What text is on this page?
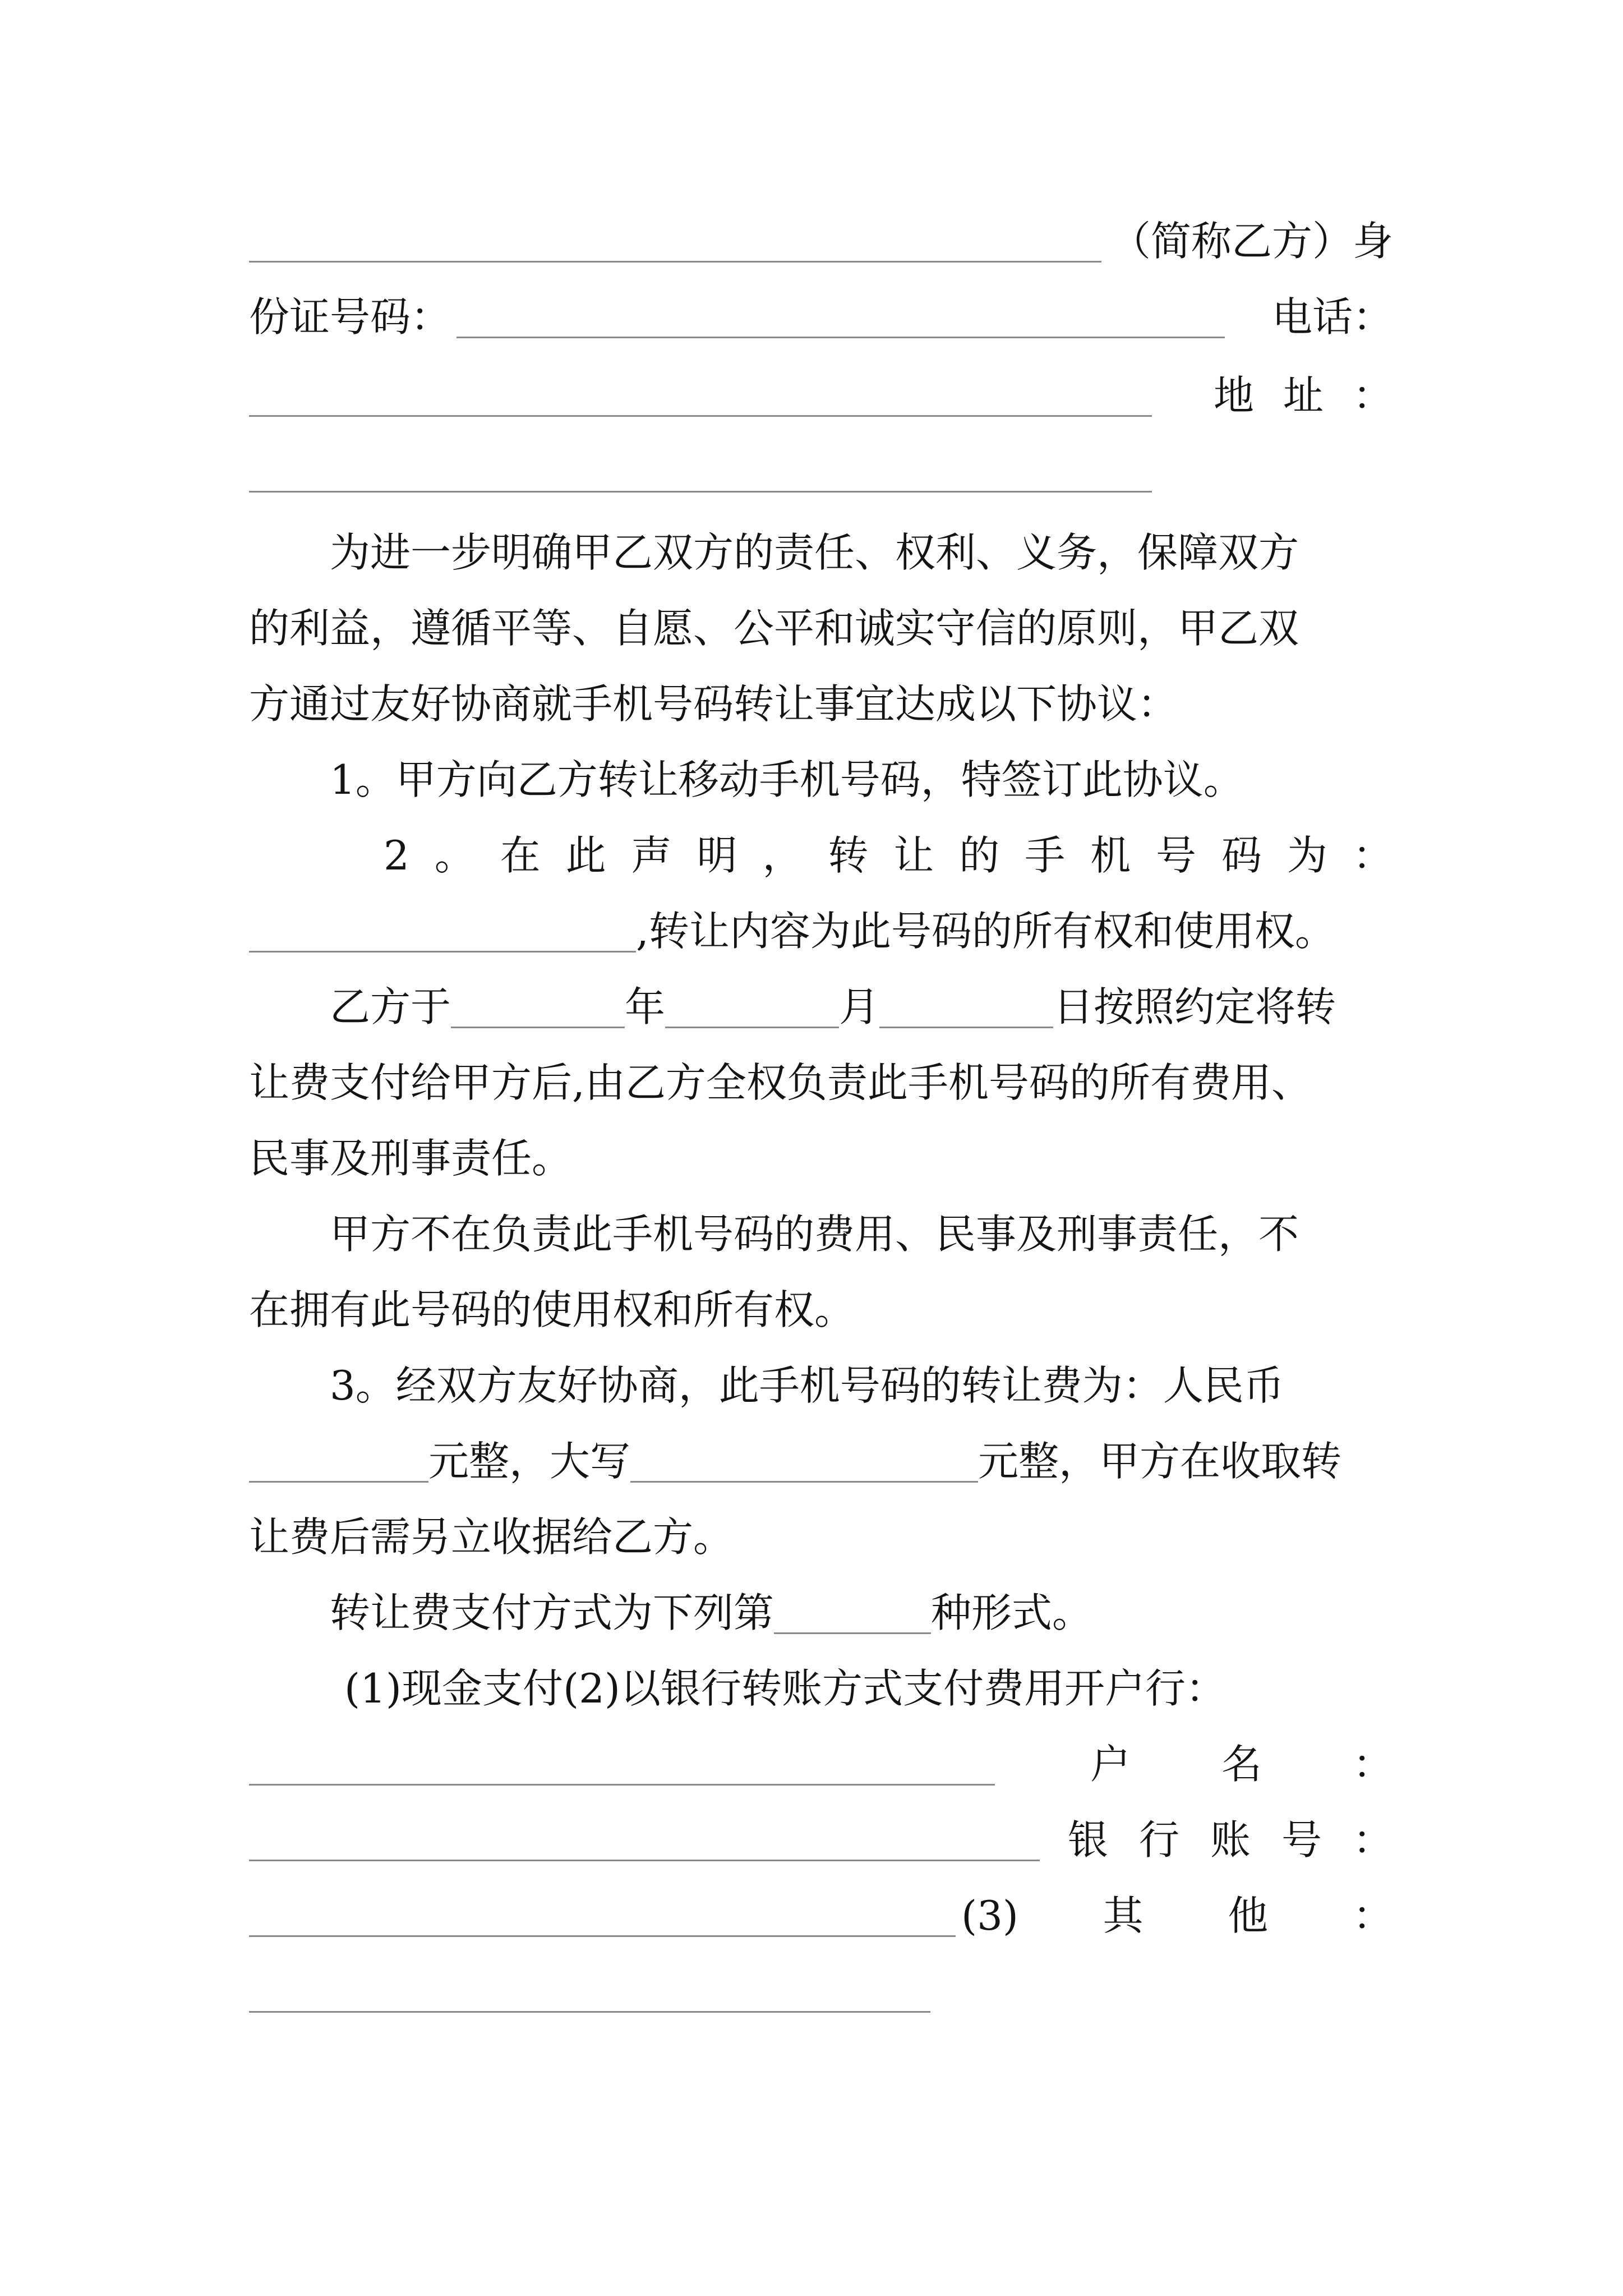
（简称乙方）身
份证号码：	电话：
地 址 ：
为进一步明确甲乙双方的责任、权利、义务，保障双方
的利益，遵循平等、自愿、公平和诚实守信的原则，甲乙双
方通过友好协商就手机号码转让事宜达成以下协议：
1。甲方向乙方转让移动手机号码，特签订此协议。
2 。 在 此 声 明 ， 转 让 的 手 机 号 码 为 ：
,转让内容为此号码的所有权和使用权。
乙方于	年	月	日按照约定将转
让费支付给甲方后,由乙方全权负责此手机号码的所有费用、
民事及刑事责任。
甲方不在负责此手机号码的费用、民事及刑事责任，不
在拥有此号码的使用权和所有权。
3。经双方友好协商，此手机号码的转让费为：人民币
元整，大写	元整，甲方在收取转
让费后需另立收据给乙方。
转让费支付方式为下列第	种形式。
(1)现金支付(2)以银行转账方式支付费用开户行：
户 名 ：
银 行 账 号 ：
(3) 其 他 ：
